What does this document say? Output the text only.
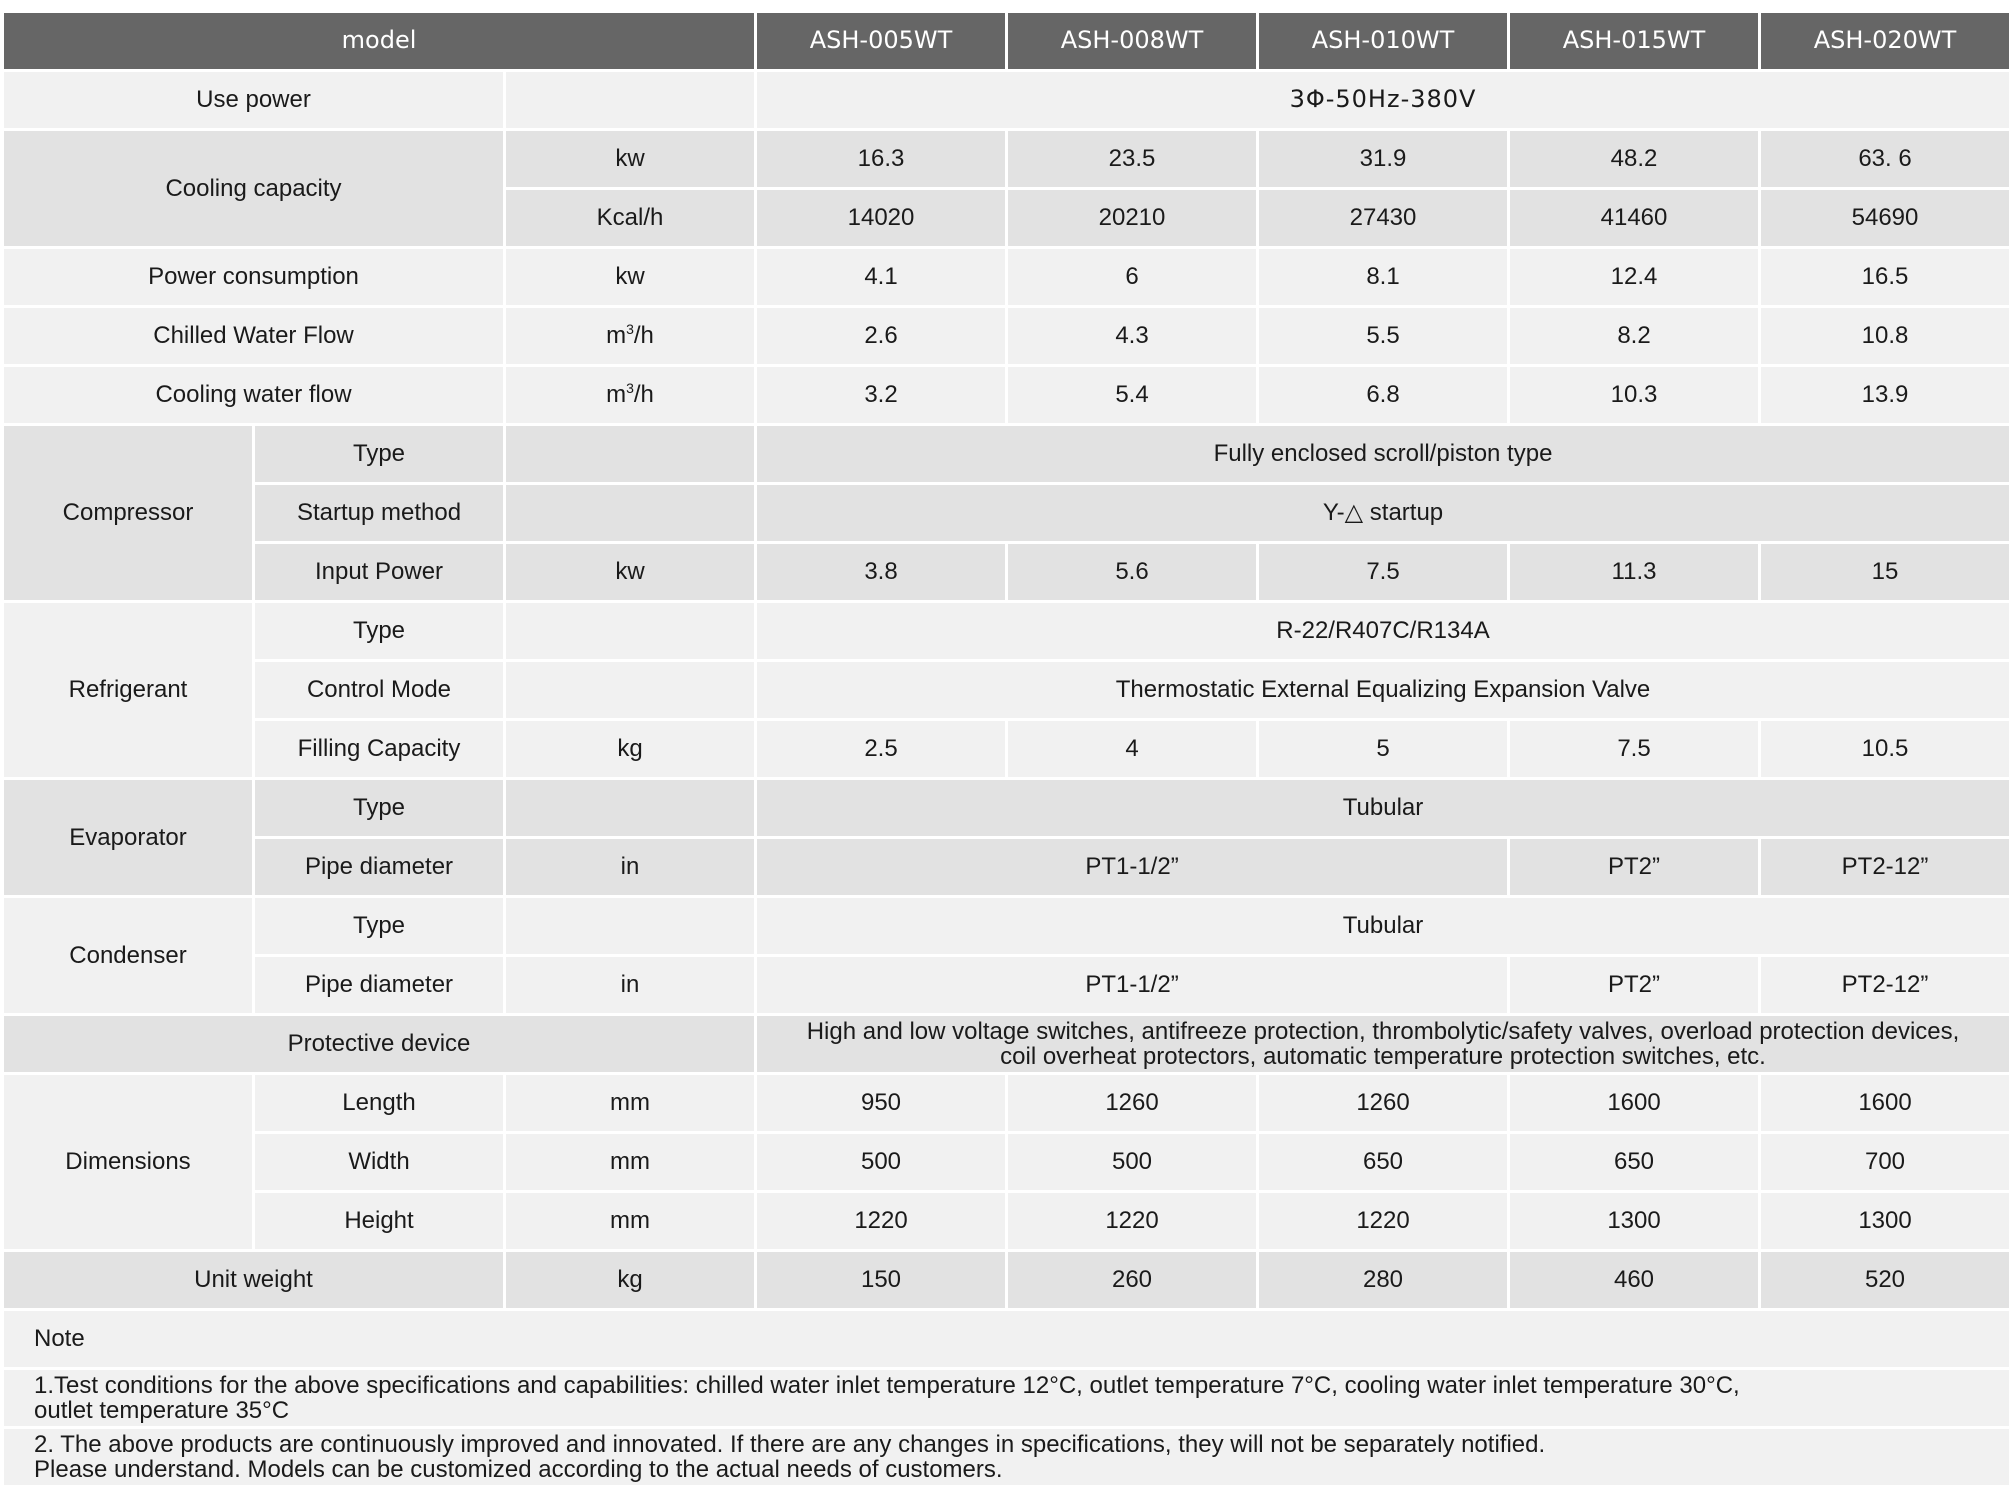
model			ASH-005WT	ASH-008WT	ASH-010WT	ASH-015WT	ASH-020WT
Use power			3Φ-50Hz-380V				
Cooling capacity		kw	16.3	23.5	31.9	48.2	63. 6
		Kcal/h	14020	20210	27430	41460	54690
Power consumption		kw	4.1	6	8.1	12.4	16.5
Chilled Water Flow		$m^3/h$	2.6	4.3	5.5	8.2	10.8
Cooling water flow		$m^3/h$	3.2	5.4	6.8	10.3	13.9
Compressor	Type		Fully enclosed scroll/piston type				
	Startup method		Y-△ startup				
	Input Power	kw	3.8	5.6	7.5	11.3	15
Refrigerant	Type		R-22/R407C/R134A				
	Control Mode		Thermostatic External Equalizing Expansion Valve				
	Filling Capacity	kg	2.5	4	5	7.5	10.5
Evaporator	Type		Tubular				
	Pipe diameter	in	PT1-1/2”			PT2”	PT2-12”
Condenser	Type		Tubular				
	Pipe diameter	in	PT1-1/2”			PT2”	PT2-12”
Protective device			High and low voltage switches, antifreeze protection, thrombolytic/safety valves, overload protection devices,
coil overheat protectors, automatic temperature protection switches, etc.				

Dimensions	Length	mm	950	1260	1260	1600	1600
	Width	mm	500	500	650	650	700
	Height	mm	1220	1220	1220	1300	1300
Unit weight		kg	150	260	280	460	520
Note							

1.Test conditions for the above specifications and capabilities: chilled water inlet temperature 12°C, outlet temperature 7°C, cooling water inlet temperature 30°C,
outlet temperature 35°C							

2. The above products are continuously improved and innovated. If there are any changes in specifications, they will not be separately notified.
Please understand. Models can be customized according to the actual needs of customers.							
